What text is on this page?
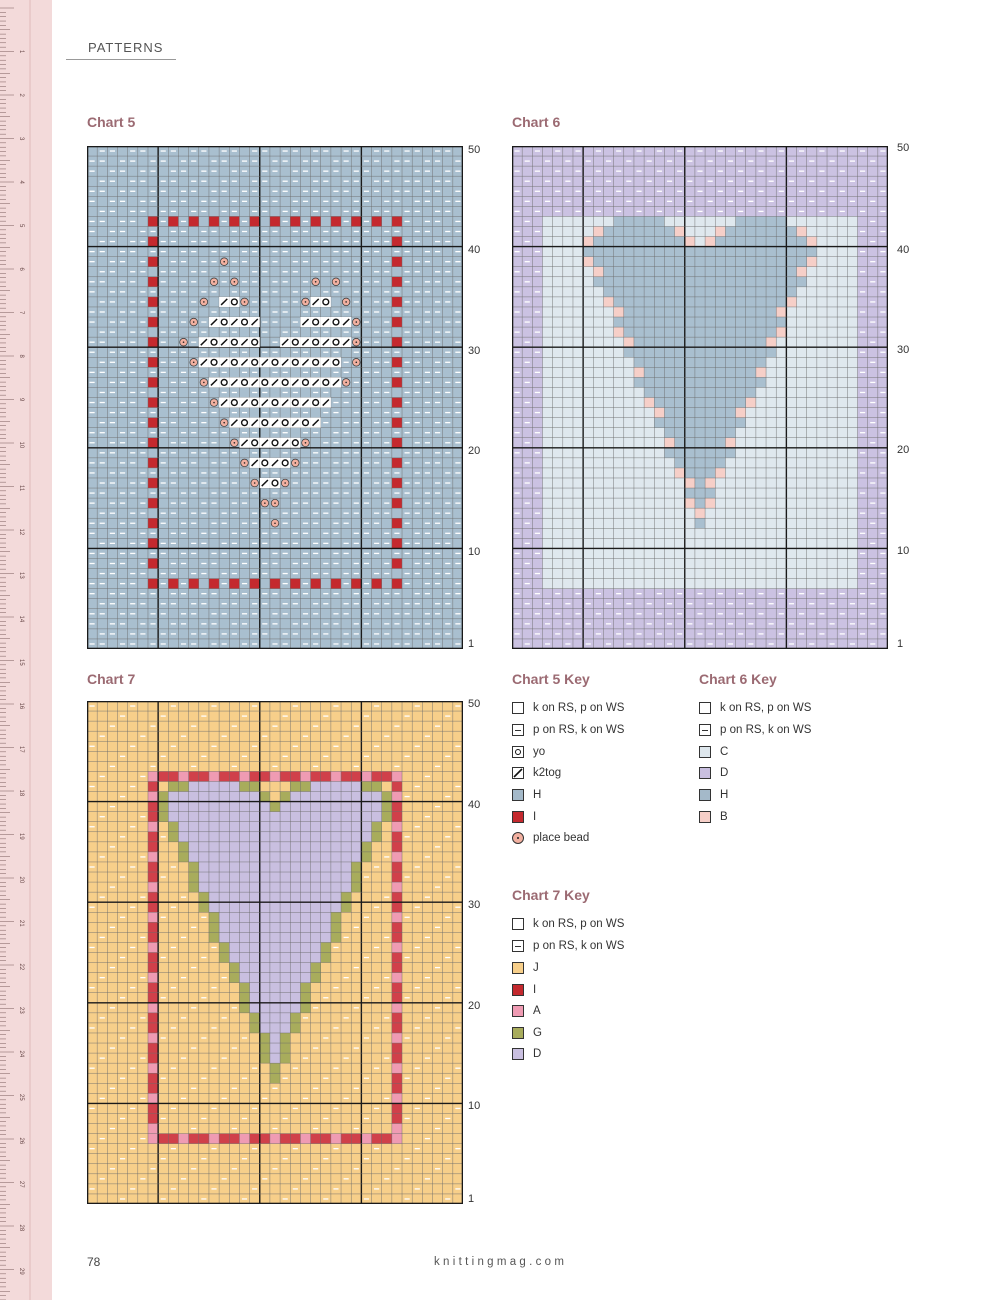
1
2
3
4
5
6
7
8
9
10
11
12
13
14
15
16
17
18
19
20
21
22
23
24
25
26
27
28
29
PATTERNS
Chart 5
50
40
30
20
10
1
Chart 6
50
40
30
20
10
1
Chart 7
50
40
30
20
10
1
Chart 5 Key
k on RS, p on WS
p on RS, k on WS
yo
k2tog
H
I
place bead
Chart 6 Key
k on RS, p on WS
p on RS, k on WS
C
D
H
B
Chart 7 Key
k on RS, p on WS
p on RS, k on WS
J
I
A
G
D
78	knittingmag.com
